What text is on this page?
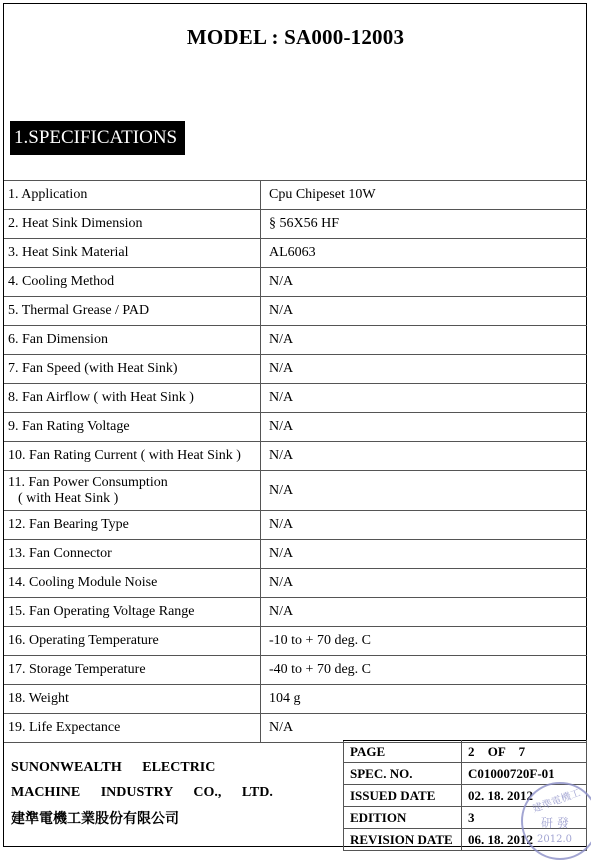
MODEL : SA000-12003
1.SPECIFICATIONS
1. Application	Cpu Chipeset 10W
2. Heat Sink Dimension	§ 56X56 HF
3. Heat Sink Material	AL6063
4. Cooling Method	N/A
5. Thermal Grease / PAD	N/A
6. Fan Dimension	N/A
7. Fan Speed (with Heat Sink)	N/A
8. Fan Airflow ( with Heat Sink )	N/A
9. Fan Rating Voltage	N/A
10. Fan Rating Current ( with Heat Sink )	N/A

11. Fan Power Consumption
( with Heat Sink )	N/A
12. Fan Bearing Type	N/A
13. Fan Connector	N/A
14. Cooling Module Noise	N/A
15. Fan Operating Voltage Range	N/A
16. Operating Temperature	-10 to + 70 deg. C
17. Storage Temperature	-40 to + 70 deg. C
18. Weight	104 g
19. Life Expectance	N/A
SUNONWEALTH ELECTRIC
MACHINE INDUSTRY CO., LTD.
建準電機工業股份有限公司
PAGE	2 OF 7
SPEC. NO.	C01000720F-01
ISSUED DATE	02. 18. 2012
EDITION	3
REVISION DATE	06. 18. 2012
建準電機工
研 發
2012.0
